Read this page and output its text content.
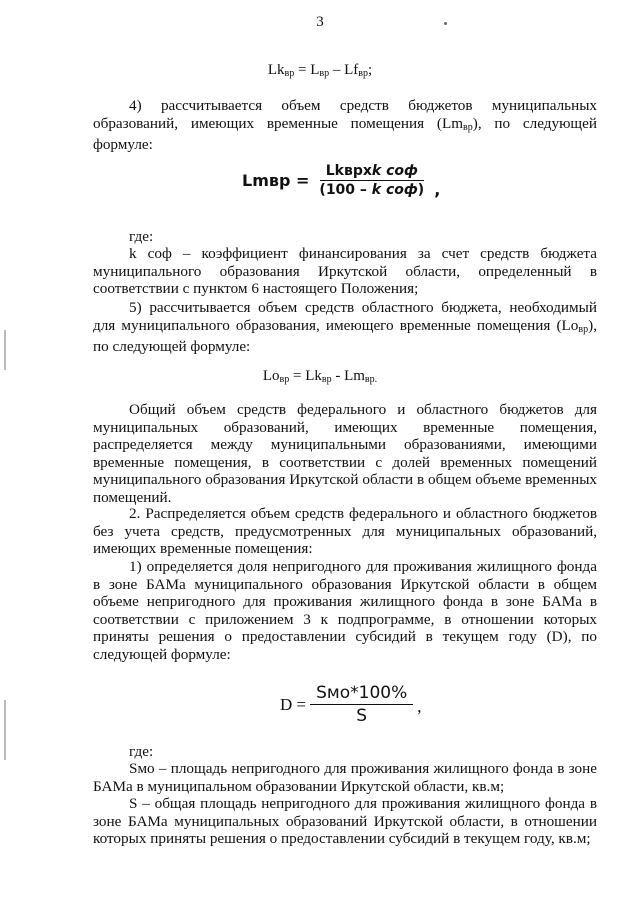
3
$Lk_{вр} = L_{вр} - Lf_{вр}$;

4) рассчитывается объем средств бюджетов муниципальных образований, имеющих временные помещения $(Lm_{вр})$, по следующей формуле:

Lmвр = $\frac{\text{Lkврxk соф}}{\text{(100 – k соф)}}$ ,

где:

k соф – коэффициент финансирования за счет средств бюджета муниципального образования Иркутской области, определенный в соответствии с пунктом 6 настоящего Положения;

5) рассчитывается объем средств областного бюджета, необходимый для муниципального образования, имеющего временные помещения $(Lo_{вр})$, по следующей формуле:

$Lo_{вр} = Lk_{вр} - Lm_{вр.}$

Общий объем средств федерального и областного бюджетов для муниципальных образований, имеющих временные помещения, распределяется между муниципальными образованиями, имеющими временные помещения, в соответствии с долей временных помещений муниципального образования Иркутской области в общем объеме временных помещений.

2. Распределяется объем средств федерального и областного бюджетов без учета средств, предусмотренных для муниципальных образований, имеющих временные помещения:

1) определяется доля непригодного для проживания жилищного фонда в зоне БАМа муниципального образования Иркутской области в общем объеме непригодного для проживания жилищного фонда в зоне БАМа в соответствии с приложением 3 к подпрограмме, в отношении которых приняты решения о предоставлении субсидий в текущем году (D), по следующей формуле:

$D = \frac{\text{Sмо*100\%}}{S}$ ,

где:

Sмо – площадь непригодного для проживания жилищного фонда в зоне БАМа в муниципальном образовании Иркутской области, кв.м;

S – общая площадь непригодного для проживания жилищного фонда в зоне БАМа муниципальных образований Иркутской области, в отношении которых приняты решения о предоставлении субсидий в текущем году, кв.м;
